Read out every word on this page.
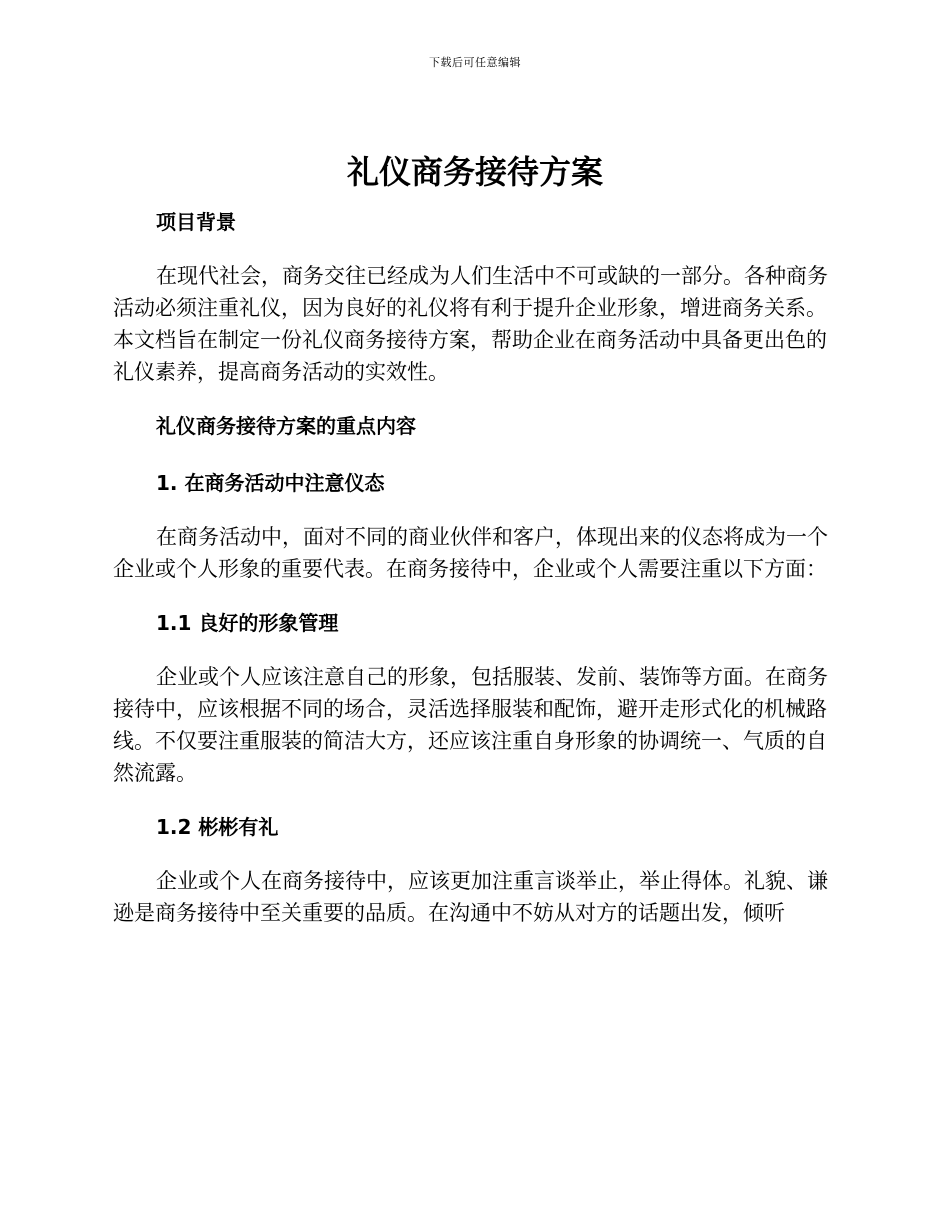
下载后可任意编辑
礼仪商务接待方案
项目背景

在现代社会，商务交往已经成为人们生活中不可或缺的一部分。各种商务活动必须注重礼仪，因为良好的礼仪将有利于提升企业形象，增进商务关系。本文档旨在制定一份礼仪商务接待方案，帮助企业在商务活动中具备更出色的礼仪素养，提高商务活动的实效性。

礼仪商务接待方案的重点内容
1. 在商务活动中注意仪态

在商务活动中，面对不同的商业伙伴和客户，体现出来的仪态将成为一个企业或个人形象的重要代表。在商务接待中，企业或个人需要注重以下方面：

1.1 良好的形象管理

企业或个人应该注意自己的形象，包括服装、发前、装饰等方面。在商务接待中，应该根据不同的场合，灵活选择服装和配饰，避开走形式化的机械路线。不仅要注重服装的简洁大方，还应该注重自身形象的协调统一、气质的自然流露。

1.2 彬彬有礼

企业或个人在商务接待中，应该更加注重言谈举止，举止得体。礼貌、谦逊是商务接待中至关重要的品质。在沟通中不妨从对方的话题出发，倾听
